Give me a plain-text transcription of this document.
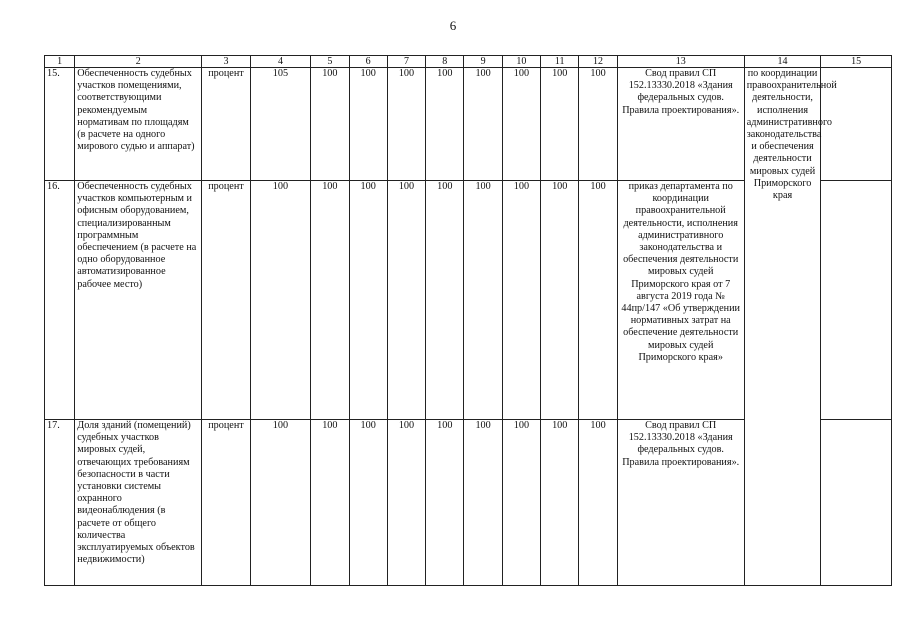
6
1	2	3	4	5	6	7	8	9	10	11	12	13	14	15
15.	Обеспеченность судебных участков помещениями, соответствующими рекомендуемым нормативам по площадям (в расчете на одного мирового судью и аппарат)	процент	105	100	100	100	100	100	100	100	100	Свод правил СП 152.13330.2018 «Здания федеральных судов. Правила проектирования».	по координации правоохранительной деятельности, исполнения административного законодательства и обеспечения деятельности мировых судей Приморского края	
16.	Обеспеченность судебных участков компьютерным и офисным оборудованием, специализированным программным обеспечением (в расчете на одно оборудованное автоматизированное рабочее место)	процент	100	100	100	100	100	100	100	100	100	приказ департамента по координации правоохранительной деятельности, исполнения административного законодательства и обеспечения деятельности мировых судей Приморского края от 7 августа 2019 года № 44пр/147 «Об утверждении нормативных затрат на обеспечение деятельности мировых судей Приморского края»		
17.	Доля зданий (помещений) судебных участков мировых судей, отвечающих требованиям безопасности в части установки системы охранного видеонаблюдения (в расчете от общего количества эксплуатируемых объектов недвижимости)	процент	100	100	100	100	100	100	100	100	100	Свод правил СП 152.13330.2018 «Здания федеральных судов. Правила проектирования».		
